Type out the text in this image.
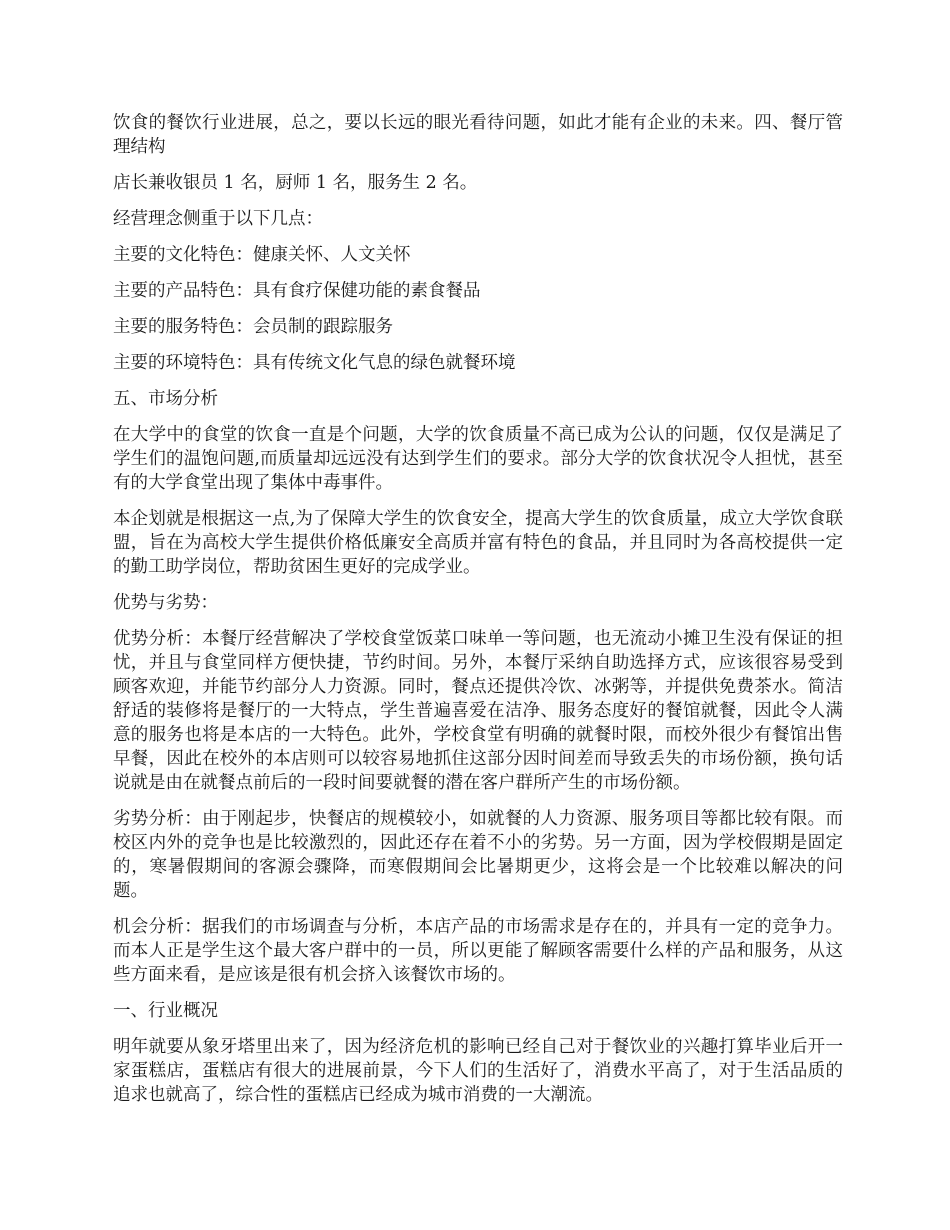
饮食的餐饮行业进展，总之，要以长远的眼光看待问题，如此才能有企业的未来。四、餐厅管理结构

店长兼收银员 1 名，厨师 1 名，服务生 2 名。

经营理念侧重于以下几点：

主要的文化特色：健康关怀、人文关怀

主要的产品特色：具有食疗保健功能的素食餐品

主要的服务特色：会员制的跟踪服务

主要的环境特色：具有传统文化气息的绿色就餐环境

五、市场分析

在大学中的食堂的饮食一直是个问题，大学的饮食质量不高已成为公认的问题，仅仅是满足了学生们的温饱问题,而质量却远远没有达到学生们的要求。部分大学的饮食状况令人担忧，甚至有的大学食堂出现了集体中毒事件。

本企划就是根据这一点,为了保障大学生的饮食安全，提高大学生的饮食质量，成立大学饮食联盟，旨在为高校大学生提供价格低廉安全高质并富有特色的食品，并且同时为各高校提供一定的勤工助学岗位，帮助贫困生更好的完成学业。

优势与劣势：

优势分析：本餐厅经营解决了学校食堂饭菜口味单一等问题，也无流动小摊卫生没有保证的担忧，并且与食堂同样方便快捷，节约时间。另外，本餐厅采纳自助选择方式，应该很容易受到顾客欢迎，并能节约部分人力资源。同时，餐点还提供冷饮、冰粥等，并提供免费茶水。简洁舒适的装修将是餐厅的一大特点，学生普遍喜爱在洁净、服务态度好的餐馆就餐，因此令人满意的服务也将是本店的一大特色。此外，学校食堂有明确的就餐时限，而校外很少有餐馆出售早餐，因此在校外的本店则可以较容易地抓住这部分因时间差而导致丢失的市场份额，换句话说就是由在就餐点前后的一段时间要就餐的潜在客户群所产生的市场份额。

劣势分析：由于刚起步，快餐店的规模较小，如就餐的人力资源、服务项目等都比较有限。而校区内外的竞争也是比较激烈的，因此还存在着不小的劣势。另一方面，因为学校假期是固定的，寒暑假期间的客源会骤降，而寒假期间会比暑期更少，这将会是一个比较难以解决的问题。

机会分析：据我们的市场调查与分析，本店产品的市场需求是存在的，并具有一定的竞争力。而本人正是学生这个最大客户群中的一员，所以更能了解顾客需要什么样的产品和服务，从这些方面来看，是应该是很有机会挤入该餐饮市场的。

一、行业概况

明年就要从象牙塔里出来了，因为经济危机的影响已经自己对于餐饮业的兴趣打算毕业后开一家蛋糕店，蛋糕店有很大的进展前景，今下人们的生活好了，消费水平高了，对于生活品质的追求也就高了，综合性的蛋糕店已经成为城市消费的一大潮流。
